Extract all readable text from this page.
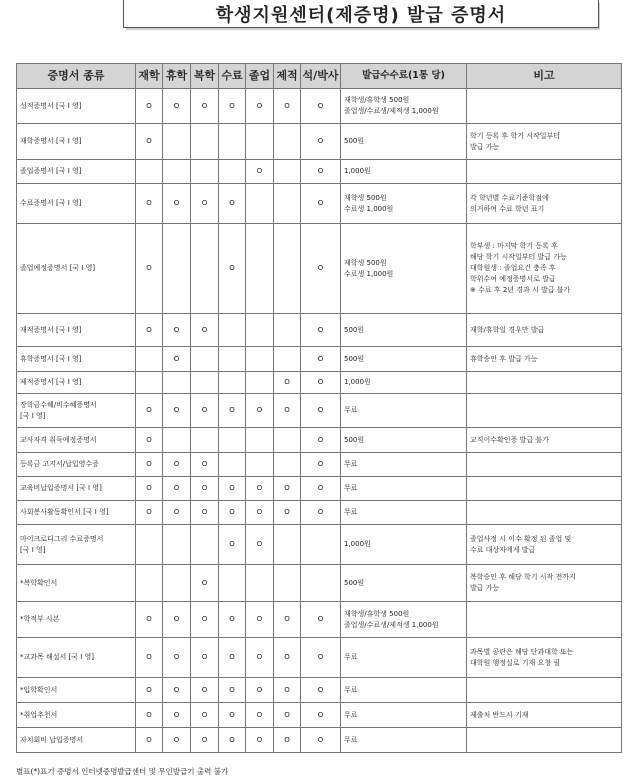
학생지원센터(제증명) 발급 증명서
증명서 종류	재학	휴학	복학	수료	졸업	제적	석/박사	발급수수료(1통 당)	비고
성적증명서 [국 I 영]	O	O	O	O	O	O	O	재학생/휴학생 500원
졸업생/수료생/제적생 1,000원	
재학증명서 [국 I 영]	O						O	500원	학기 등록 후 학기 시작일부터
발급 가능
졸업증명서 [국 I 영]					O		O	1,000원	
수료증명서 [국 I 영]	O	O	O	O			O	재학생 500원
수료생 1,000원	각 학년별 수료기준학점에
의거하여 수료 학년 표기
졸업예정증명서 [국 I 영]	O			O			O	재학생 500원
수료생 1,000원	학부생 : 마지막 학기 등록 후
해당 학기 시작일부터 발급 가능
대학원생 : 졸업요건 충족 후
학위수여 예정증명서로 발급
※ 수료 후 2년 경과 시 발급 불가
재적증명서 [국 I 영]	O	O	O				O	500원	재학/휴학일 경우만 발급
휴학증명서 [국 I 영]		O					O	500원	휴학승인 후 발급 가능
제적증명서 [국 I 영]						O	O	1,000원	
장학금수혜/비수혜증명서
[국 I 영]	O	O	O	O	O	O	O	무료	
교사자격 취득예정증명서	O						O	500원	교직이수확인증 발급 불가
등록금 고지서/납입영수증	O	O	O				O	무료	
교육비납입증명서 [국 I 영]	O	O	O	O	O	O	O	무료	
사회봉사활동확인서 [국 I 영]	O	O	O	O	O	O	O	무료	
마이크로디그리 수료증명서
[국 I 영]				O	O			1,000원	졸업사정 시 이수 확정 된 졸업 및
수료 대상자에게 발급
*복학확인서			O					500원	복학승인 후 해당 학기 시작 전까지
발급 가능
*학적부 사본	O	O	O	O	O	O	O	재학생/휴학생 500원
졸업생/수료생/제적생 1,000원	
*교과목 해설서 [국 I 영]	O	O	O	O	O	O	O	무료	과목별 공란은 해당 단과대학 또는
대학원 행정실로 기재 요청 필
*입학확인서	O	O	O	O	O	O	O	무료	
*취업추천서	O	O	O	O	O	O	O	무료	제출처 반드시 기재
자치회비 납입증명서	O	O	O	O	O	O	O	무료	
별표(*)표기 증명서 인터넷증명발급센터 및 무인발급기 출력 불가
